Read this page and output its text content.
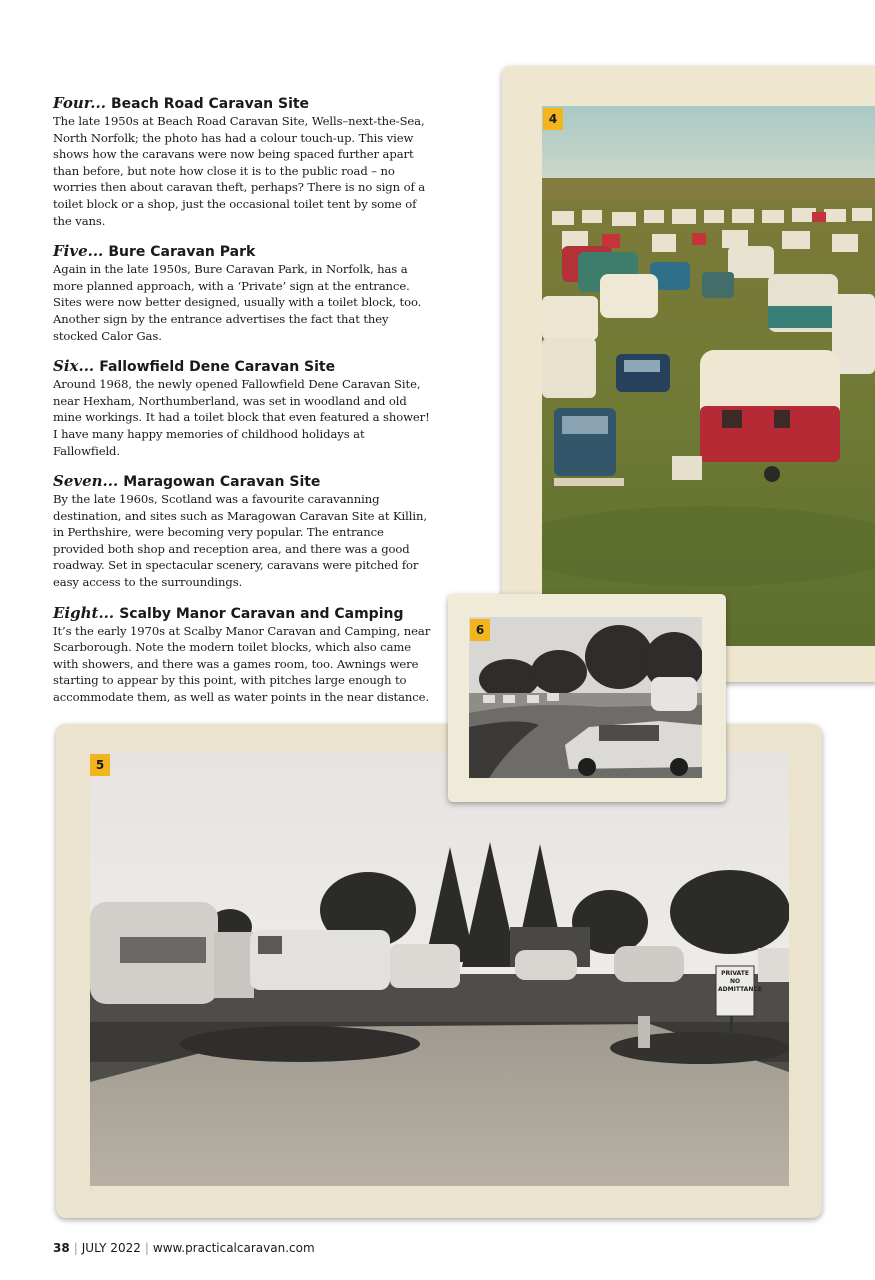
Four... Beach Road Caravan Site

The late 1950s at Beach Road Caravan Site, Wells–next-the-Sea, North Norfolk; the photo has had a colour touch-up. This view shows how the caravans were now being spaced further apart than before, but note how close it is to the public road – no worries then about caravan theft, perhaps? There is no sign of a toilet block or a shop, just the occasional toilet tent by some of the vans.

Five... Bure Caravan Park

Again in the late 1950s, Bure Caravan Park, in Norfolk, has a more planned approach, with a ‘Private’ sign at the entrance. Sites were now better designed, usually with a toilet block, too. Another sign by the entrance advertises the fact that they stocked Calor Gas.

Six... Fallowfield Dene Caravan Site

Around 1968, the newly opened Fallowfield Dene Caravan Site, near Hexham, Northumberland, was set in woodland and old mine workings. It had a toilet block that even featured a shower! I have many happy memories of childhood holidays at Fallowfield.

Seven... Maragowan Caravan Site

By the late 1960s, Scotland was a favourite caravanning destination, and sites such as Maragowan Caravan Site at Killin, in Perthshire, were becoming very popular. The entrance provided both shop and reception area, and there was a good roadway. Set in spectacular scenery, caravans were pitched for easy access to the surroundings.

Eight... Scalby Manor Caravan and Camping

It’s the early 1970s at Scalby Manor Caravan and Camping, near Scarborough. Note the modern toilet blocks, which also came with showers, and there was a games room, too. Awnings were starting to appear by this point, with pitches large enough to accommodate them, as well as water points in the near distance.

4
PRIVATE NO ADMITTANCE
5
6
38 | JULY 2022 | www.practicalcaravan.com
